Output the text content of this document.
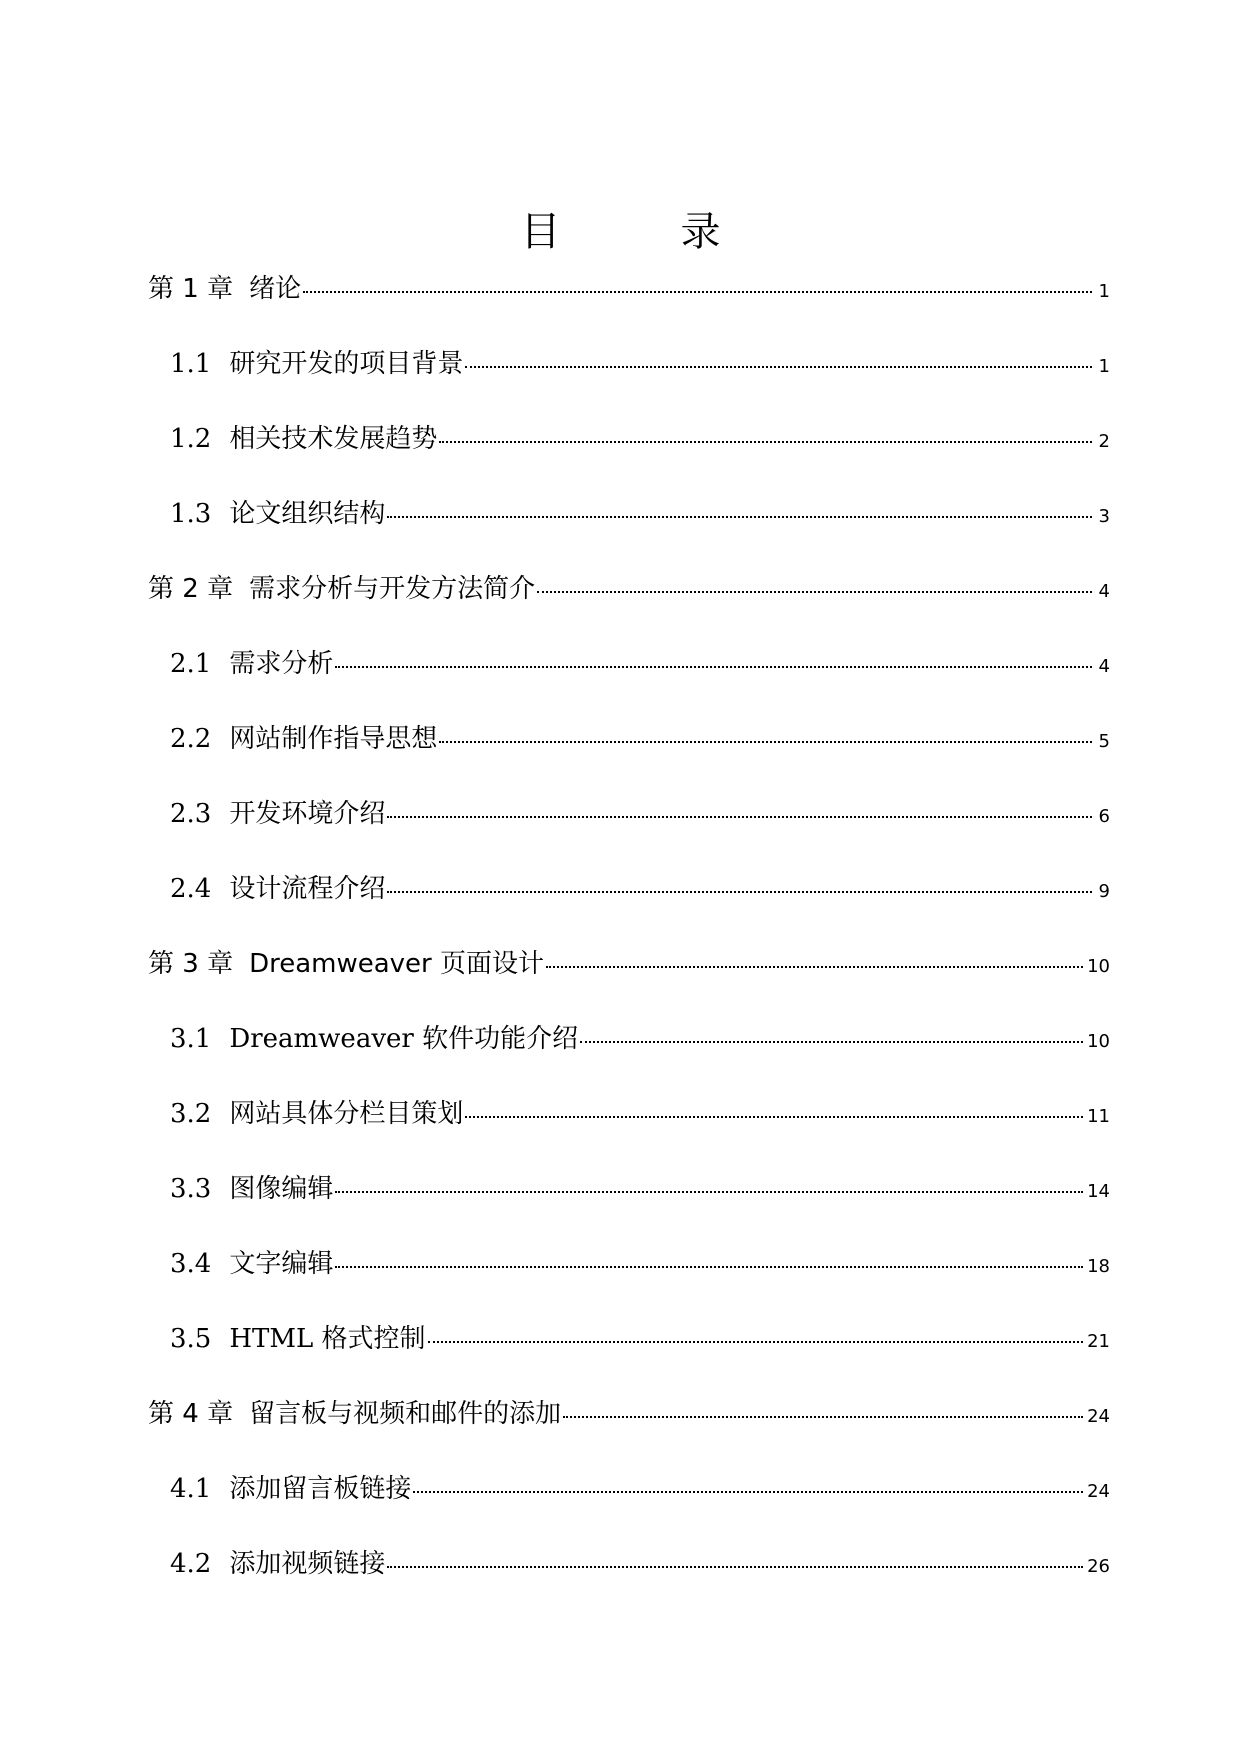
目　录
第 1 章 绪论	1
1.1 研究开发的项目背景	1
1.2 相关技术发展趋势	2
1.3 论文组织结构	3
第 2 章 需求分析与开发方法简介	4
2.1 需求分析	4
2.2 网站制作指导思想	5
2.3 开发环境介绍	6
2.4 设计流程介绍	9
第 3 章 Dreamweaver 页面设计	10
3.1 Dreamweaver 软件功能介绍	10
3.2 网站具体分栏目策划	11
3.3 图像编辑	14
3.4 文字编辑	18
3.5 HTML 格式控制	21
第 4 章 留言板与视频和邮件的添加	24
4.1 添加留言板链接	24
4.2 添加视频链接	26
